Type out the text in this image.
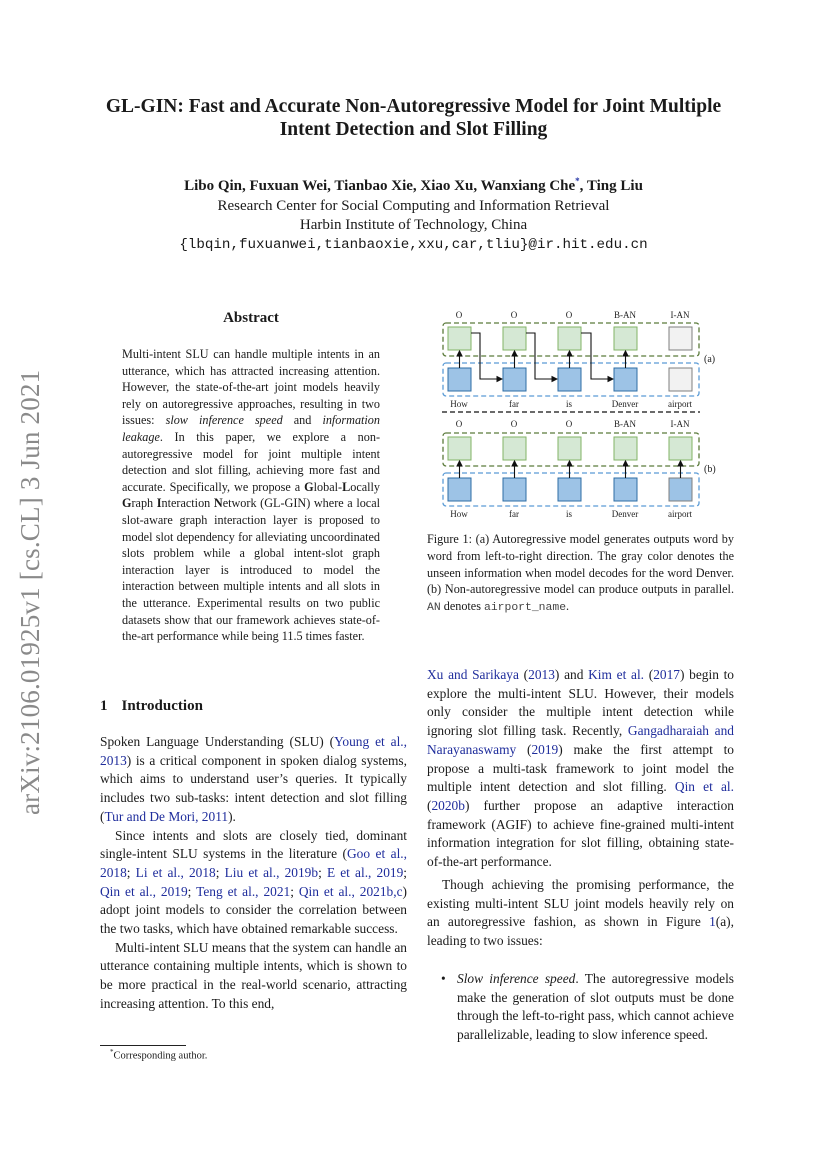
GL-GIN: Fast and Accurate Non-Autoregressive Model for Joint Multiple
Intent Detection and Slot Filling
Libo Qin, Fuxuan Wei, Tianbao Xie, Xiao Xu, Wanxiang Che*, Ting Liu
Research Center for Social Computing and Information Retrieval
Harbin Institute of Technology, China
{lbqin,fuxuanwei,tianbaoxie,xxu,car,tliu}@ir.hit.edu.cn
arXiv:2106.01925v1 [cs.CL] 3 Jun 2021
Abstract
Multi-intent SLU can handle multiple intents in an utterance, which has attracted increasing attention. However, the state-of-the-art joint models heavily rely on autoregressive approaches, resulting in two issues: slow inference speed and information leakage. In this paper, we explore a non-autoregressive model for joint multiple intent detection and slot filling, achieving more fast and accurate. Specifically, we propose a Global-Locally Graph Interaction Network (GL-GIN) where a local slot-aware graph interaction layer is proposed to model slot dependency for alleviating uncoordinated slots problem while a global intent-slot graph interaction layer is introduced to model the interaction between multiple intents and all slots in the utterance. Experimental results on two public datasets show that our framework achieves state-of-the-art performance while being 11.5 times faster.
1 Introduction

Spoken Language Understanding (SLU) (Young et al., 2013) is a critical component in spoken dialog systems, which aims to understand user’s queries. It typically includes two sub-tasks: intent detection and slot filling (Tur and De Mori, 2011).

Since intents and slots are closely tied, dominant single-intent SLU systems in the literature (Goo et al., 2018; Li et al., 2018; Liu et al., 2019b; E et al., 2019; Qin et al., 2019; Teng et al., 2021; Qin et al., 2021b,c) adopt joint models to consider the correlation between the two tasks, which have obtained remarkable success.

Multi-intent SLU means that the system can handle an utterance containing multiple intents, which is shown to be more practical in the real-world scenario, attracting increasing attention. To this end,

*Corresponding author.
O	O	O	B-AN	I-AN
How	far	is	Denver	airport
(a)
O	O	O	B-AN	I-AN
How	far	is	Denver	airport
(b)
Figure 1: (a) Autoregressive model generates outputs word by word from left-to-right direction. The gray color denotes the unseen information when model decodes for the word Denver. (b) Non-autoregressive model can produce outputs in parallel. AN denotes airport_name.

Xu and Sarikaya (2013) and Kim et al. (2017) begin to explore the multi-intent SLU. However, their models only consider the multiple intent detection while ignoring slot filling task. Recently, Gangadharaiah and Narayanaswamy (2019) make the first attempt to propose a multi-task framework to joint model the multiple intent detection and slot filling. Qin et al. (2020b) further propose an adaptive interaction framework (AGIF) to achieve fine-grained multi-intent information integration for slot filling, obtaining state-of-the-art performance.

Though achieving the promising performance, the existing multi-intent SLU joint models heavily rely on an autoregressive fashion, as shown in Figure 1(a), leading to two issues:

• Slow inference speed. The autoregressive models make the generation of slot outputs must be done through the left-to-right pass, which cannot achieve parallelizable, leading to slow inference speed.
